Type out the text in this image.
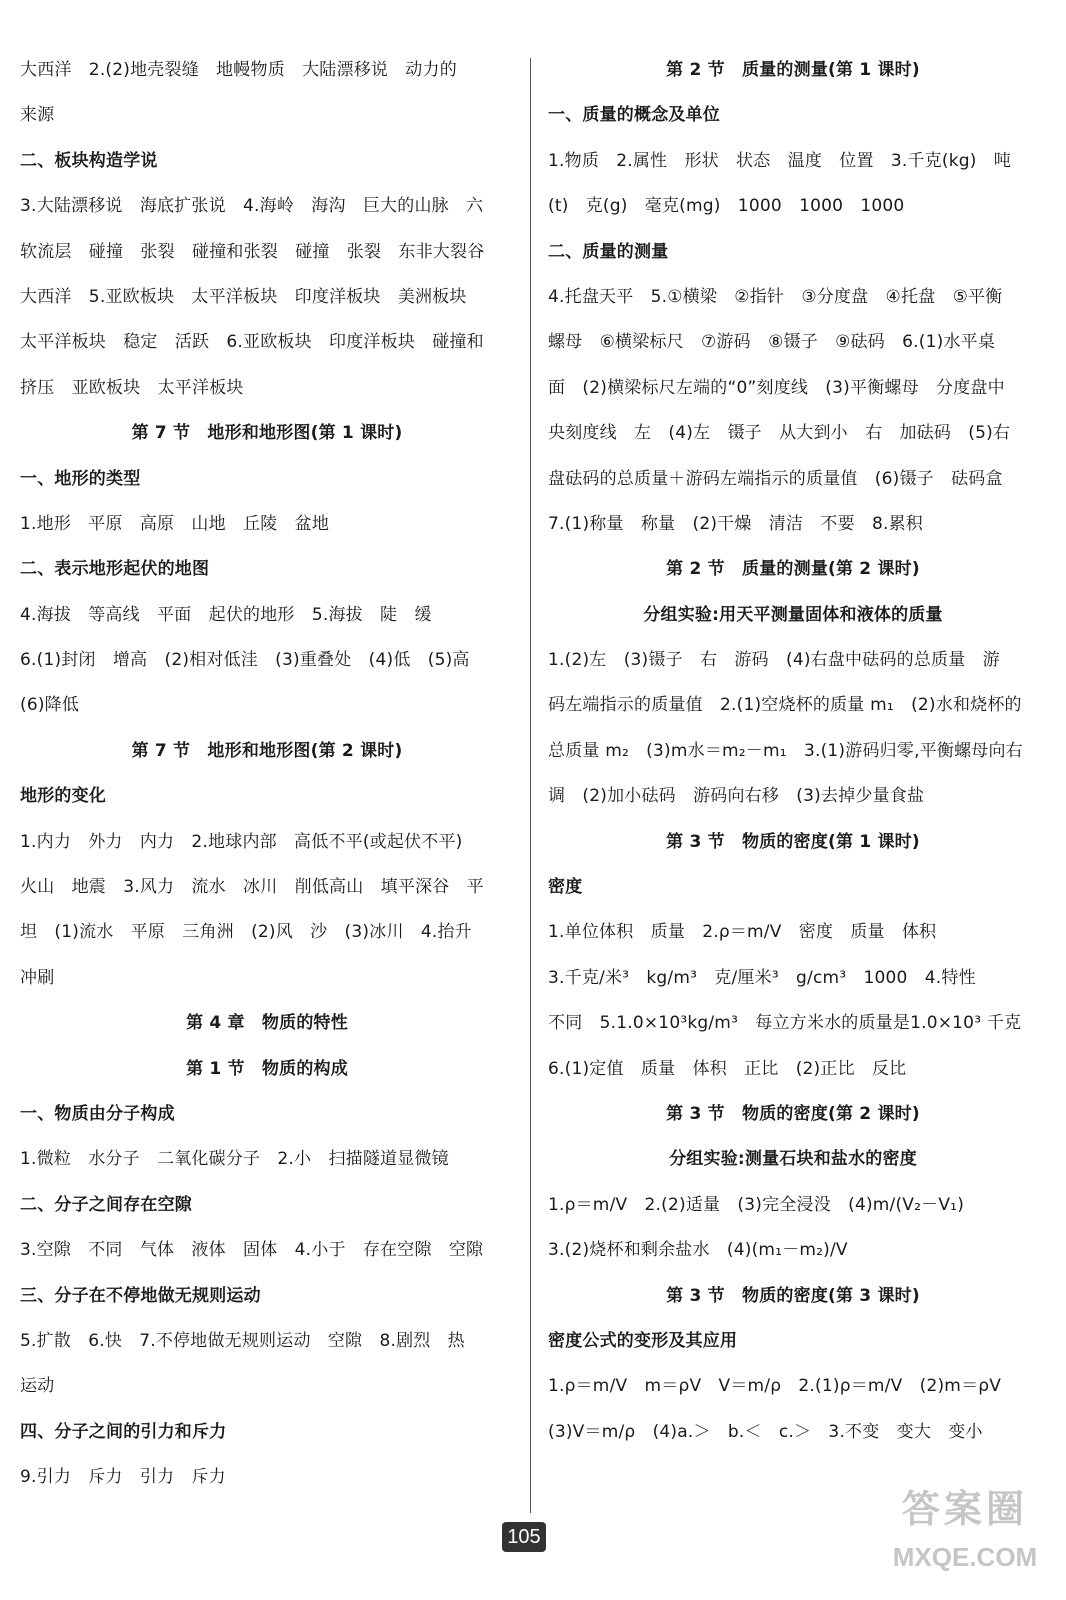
大西洋　2.(2)地壳裂缝　地幔物质　大陆漂移说　动力的
来源
二、板块构造学说
3.大陆漂移说　海底扩张说　4.海岭　海沟　巨大的山脉　六
软流层　碰撞　张裂　碰撞和张裂　碰撞　张裂　东非大裂谷
大西洋　5.亚欧板块　太平洋板块　印度洋板块　美洲板块
太平洋板块　稳定　活跃　6.亚欧板块　印度洋板块　碰撞和
挤压　亚欧板块　太平洋板块
第 7 节　地形和地形图(第 1 课时)
一、地形的类型
1.地形　平原　高原　山地　丘陵　盆地
二、表示地形起伏的地图
4.海拔　等高线　平面　起伏的地形　5.海拔　陡　缓
6.(1)封闭　增高　(2)相对低洼　(3)重叠处　(4)低　(5)高
(6)降低
第 7 节　地形和地形图(第 2 课时)
地形的变化
1.内力　外力　内力　2.地球内部　高低不平(或起伏不平)
火山　地震　3.风力　流水　冰川　削低高山　填平深谷　平
坦　(1)流水　平原　三角洲　(2)风　沙　(3)冰川　4.抬升
冲刷
第 4 章　物质的特性
第 1 节　物质的构成
一、物质由分子构成
1.微粒　水分子　二氧化碳分子　2.小　扫描隧道显微镜
二、分子之间存在空隙
3.空隙　不同　气体　液体　固体　4.小于　存在空隙　空隙
三、分子在不停地做无规则运动
5.扩散　6.快　7.不停地做无规则运动　空隙　8.剧烈　热
运动
四、分子之间的引力和斥力
9.引力　斥力　引力　斥力
第 2 节　质量的测量(第 1 课时)
一、质量的概念及单位
1.物质　2.属性　形状　状态　温度　位置　3.千克(kg)　吨
(t)　克(g)　毫克(mg)　1000　1000　1000
二、质量的测量
4.托盘天平　5.①横梁　②指针　③分度盘　④托盘　⑤平衡
螺母　⑥横梁标尺　⑦游码　⑧镊子　⑨砝码　6.(1)水平桌
面　(2)横梁标尺左端的“0”刻度线　(3)平衡螺母　分度盘中
央刻度线　左　(4)左　镊子　从大到小　右　加砝码　(5)右
盘砝码的总质量＋游码左端指示的质量值　(6)镊子　砝码盒
7.(1)称量　称量　(2)干燥　清洁　不要　8.累积
第 2 节　质量的测量(第 2 课时)
分组实验:用天平测量固体和液体的质量
1.(2)左　(3)镊子　右　游码　(4)右盘中砝码的总质量　游
码左端指示的质量值　2.(1)空烧杯的质量 m₁　(2)水和烧杯的
总质量 m₂　(3)m水＝m₂－m₁　3.(1)游码归零,平衡螺母向右
调　(2)加小砝码　游码向右移　(3)去掉少量食盐
第 3 节　物质的密度(第 1 课时)
密度
1.单位体积　质量　2.ρ＝m/V　密度　质量　体积
3.千克/米³　kg/m³　克/厘米³　g/cm³　1000　4.特性
不同　5.1.0×10³kg/m³　每立方米水的质量是1.0×10³ 千克
6.(1)定值　质量　体积　正比　(2)正比　反比
第 3 节　物质的密度(第 2 课时)
分组实验:测量石块和盐水的密度
1.ρ＝m/V　2.(2)适量　(3)完全浸没　(4)m/(V₂－V₁)
3.(2)烧杯和剩余盐水　(4)(m₁－m₂)/V
第 3 节　物质的密度(第 3 课时)
密度公式的变形及其应用
1.ρ＝m/V　m＝ρV　V＝m/ρ　2.(1)ρ＝m/V　(2)m＝ρV
(3)V＝m/ρ　(4)a.＞　b.＜　c.＞　3.不变　变大　变小
105
答案圈
MXQE.COM
